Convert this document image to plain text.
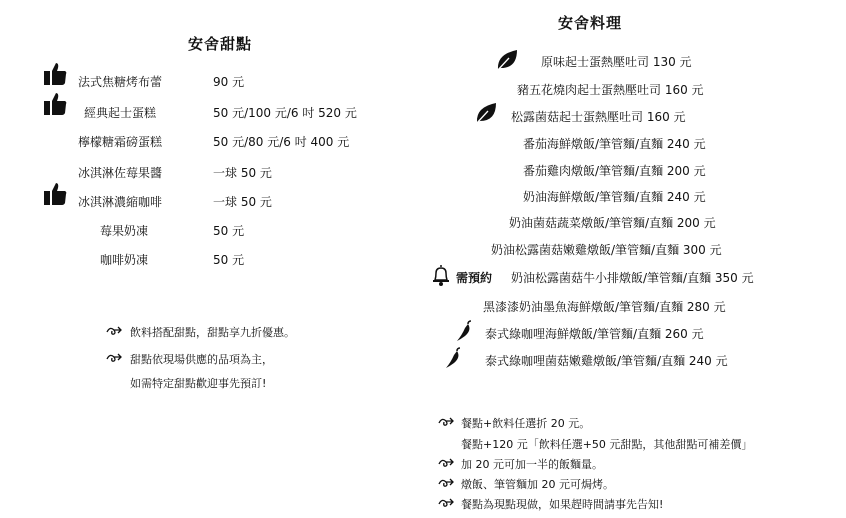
安舍甜點
法式焦糖烤布蕾	90 元
經典起士蛋糕	50 元/100 元/6 吋 520 元
檸檬糖霜磅蛋糕	50 元/80 元/6 吋 400 元
冰淇淋佐莓果醬	一球 50 元
冰淇淋濃縮咖啡	一球 50 元
莓果奶凍	50 元
咖啡奶凍	50 元
飲料搭配甜點，甜點享九折優惠。
甜點依現場供應的品項為主，
如需特定甜點歡迎事先預訂!
安舍料理
需預約
原味起士蛋熱壓吐司 130 元
豬五花燒肉起士蛋熱壓吐司 160 元
松露菌菇起士蛋熱壓吐司 160 元
番茄海鮮燉飯/筆管麵/直麵 240 元
番茄雞肉燉飯/筆管麵/直麵 200 元
奶油海鮮燉飯/筆管麵/直麵 240 元
奶油菌菇蔬菜燉飯/筆管麵/直麵 200 元
奶油松露菌菇嫩雞燉飯/筆管麵/直麵 300 元
奶油松露菌菇牛小排燉飯/筆管麵/直麵 350 元
黑漆漆奶油墨魚海鮮燉飯/筆管麵/直麵 280 元
泰式綠咖哩海鮮燉飯/筆管麵/直麵 260 元
泰式綠咖哩菌菇嫩雞燉飯/筆管麵/直麵 240 元
餐點+飲料任選折 20 元。
餐點+120 元「飲料任選+50 元甜點，其他甜點可補差價」
加 20 元可加一半的飯麵量。
燉飯、筆管麵加 20 元可焗烤。
餐點為現點現做，如果趕時間請事先告知!
